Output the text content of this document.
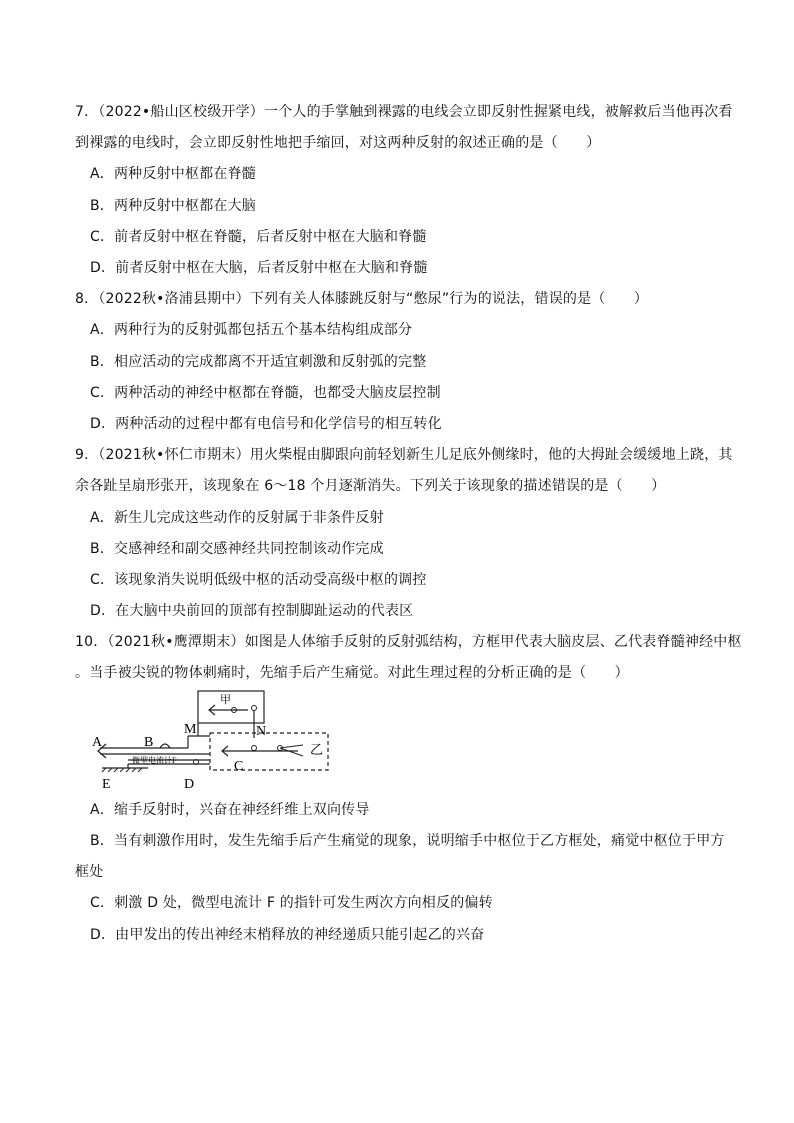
7．（2022•船山区校级开学）一个人的手掌触到裸露的电线会立即反射性握紧电线，被解救后当他再次看
到裸露的电线时，会立即反射性地把手缩回，对这两种反射的叙述正确的是（　　）
A．两种反射中枢都在脊髓
B．两种反射中枢都在大脑
C．前者反射中枢在脊髓，后者反射中枢在大脑和脊髓
D．前者反射中枢在大脑，后者反射中枢在大脑和脊髓
8．（2022秋•洛浦县期中）下列有关人体膝跳反射与“憋尿”行为的说法，错误的是（　　）
A．两种行为的反射弧都包括五个基本结构组成部分
B．相应活动的完成都离不开适宜刺激和反射弧的完整
C．两种活动的神经中枢都在脊髓，也都受大脑皮层控制
D．两种活动的过程中都有电信号和化学信号的相互转化
9．（2021秋•怀仁市期末）用火柴棍由脚跟向前轻划新生儿足底外侧缘时，他的大拇趾会缓缓地上跷，其
余各趾呈扇形张开，该现象在 6～18 个月逐渐消失。下列关于该现象的描述错误的是（　　）
A．新生儿完成这些动作的反射属于非条件反射
B．交感神经和副交感神经共同控制该动作完成
C．该现象消失说明低级中枢的活动受高级中枢的调控
D．在大脑中央前回的顶部有控制脚趾运动的代表区
10．（2021秋•鹰潭期末）如图是人体缩手反射的反射弧结构，方框甲代表大脑皮层、乙代表脊髓神经中枢
。当手被尖锐的物体刺痛时，先缩手后产生痛觉。对此生理过程的分析正确的是（　　）
A	B
M	N
C
D
E
甲
乙
微型电流计F
A．缩手反射时，兴奋在神经纤维上双向传导
B．当有刺激作用时，发生先缩手后产生痛觉的现象，说明缩手中枢位于乙方框处，痛觉中枢位于甲方
框处
C．刺激 D 处，微型电流计 F 的指针可发生两次方向相反的偏转
D．由甲发出的传出神经末梢释放的神经递质只能引起乙的兴奋
